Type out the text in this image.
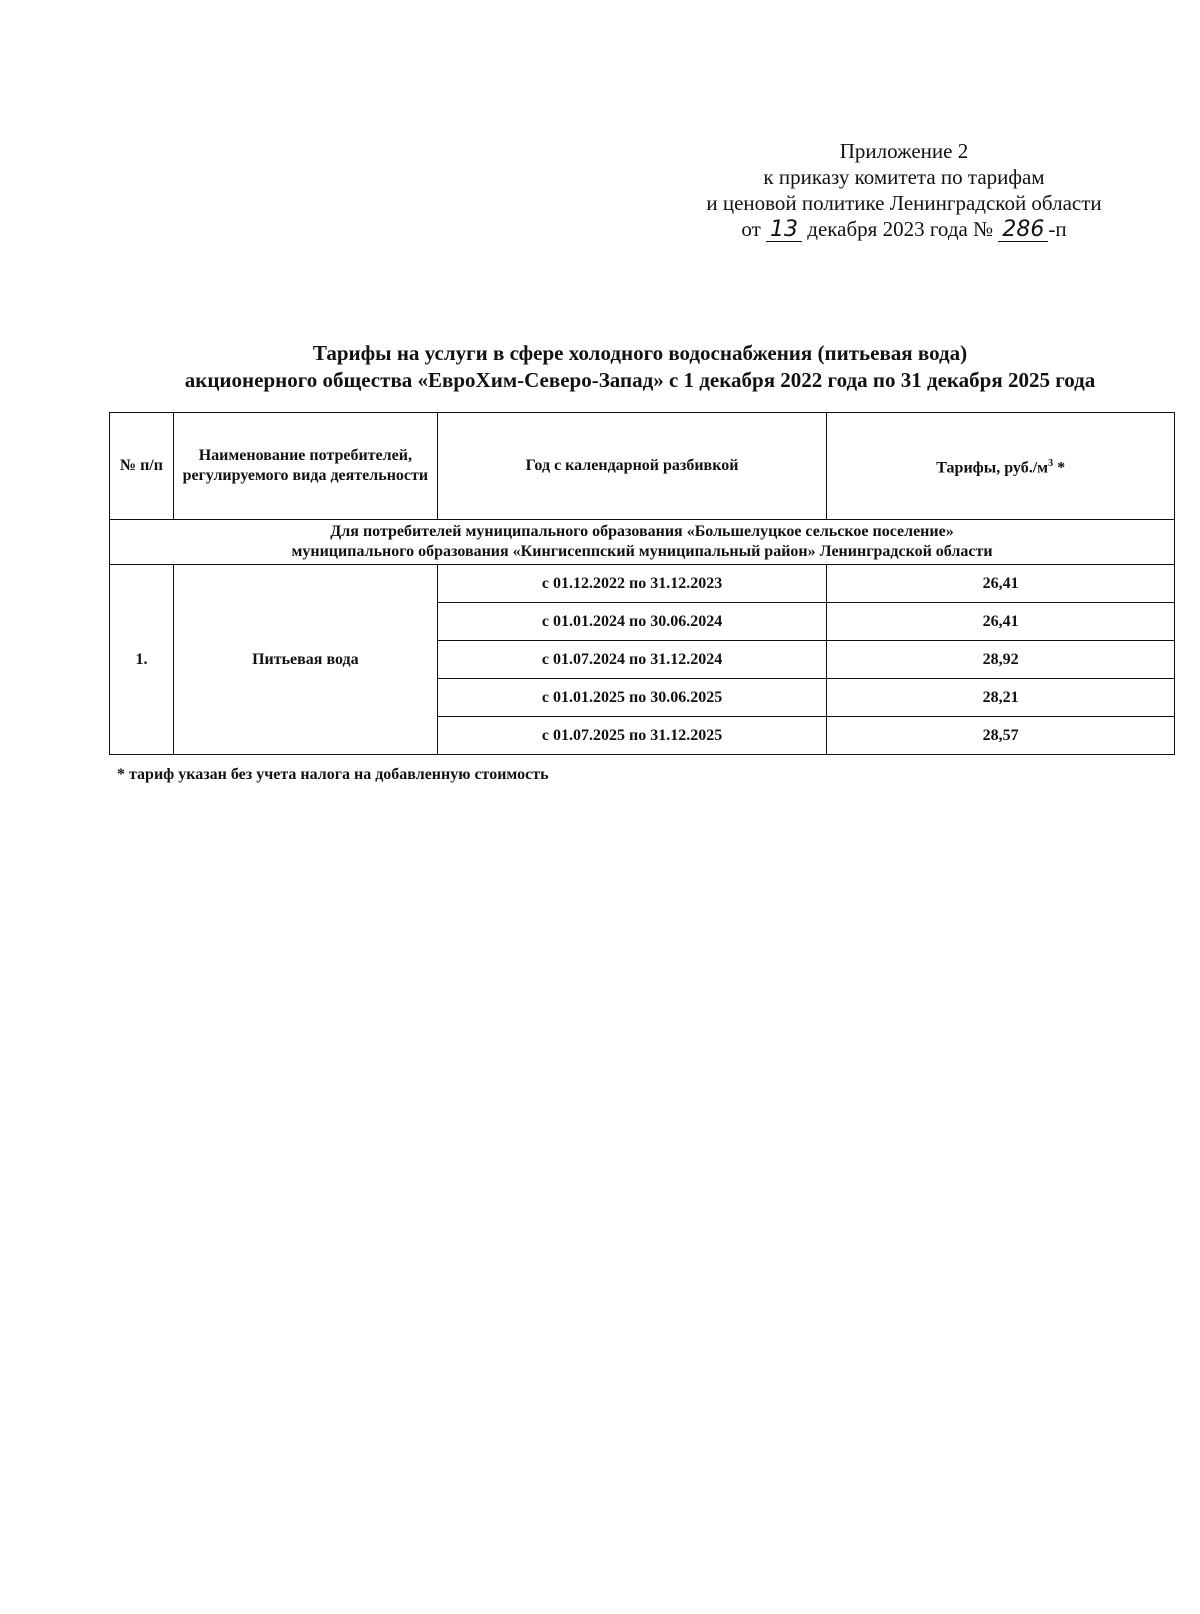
Приложение 2
к приказу комитета по тарифам
и ценовой политике Ленинградской области
от 13 декабря 2023 года № 286 -п
Тарифы на услуги в сфере холодного водоснабжения (питьевая вода)
акционерного общества «ЕвроХим-Северо-Запад» с 1 декабря 2022 года по 31 декабря 2025 года
№ п/п	Наименование потребителей, регулируемого вида деятельности	Год с календарной разбивкой	Тарифы, $руб./м^3$ *
Для потребителей муниципального образования «Большелуцкое сельское поселение»
муниципального образования «Кингисеппский муниципальный район» Ленинградской области			
1.	Питьевая вода	с 01.12.2022 по 31.12.2023	26,41
		с 01.01.2024 по 30.06.2024	26,41
		с 01.07.2024 по 31.12.2024	28,92
		с 01.01.2025 по 30.06.2025	28,21
		с 01.07.2025 по 31.12.2025	28,57
* тариф указан без учета налога на добавленную стоимость
